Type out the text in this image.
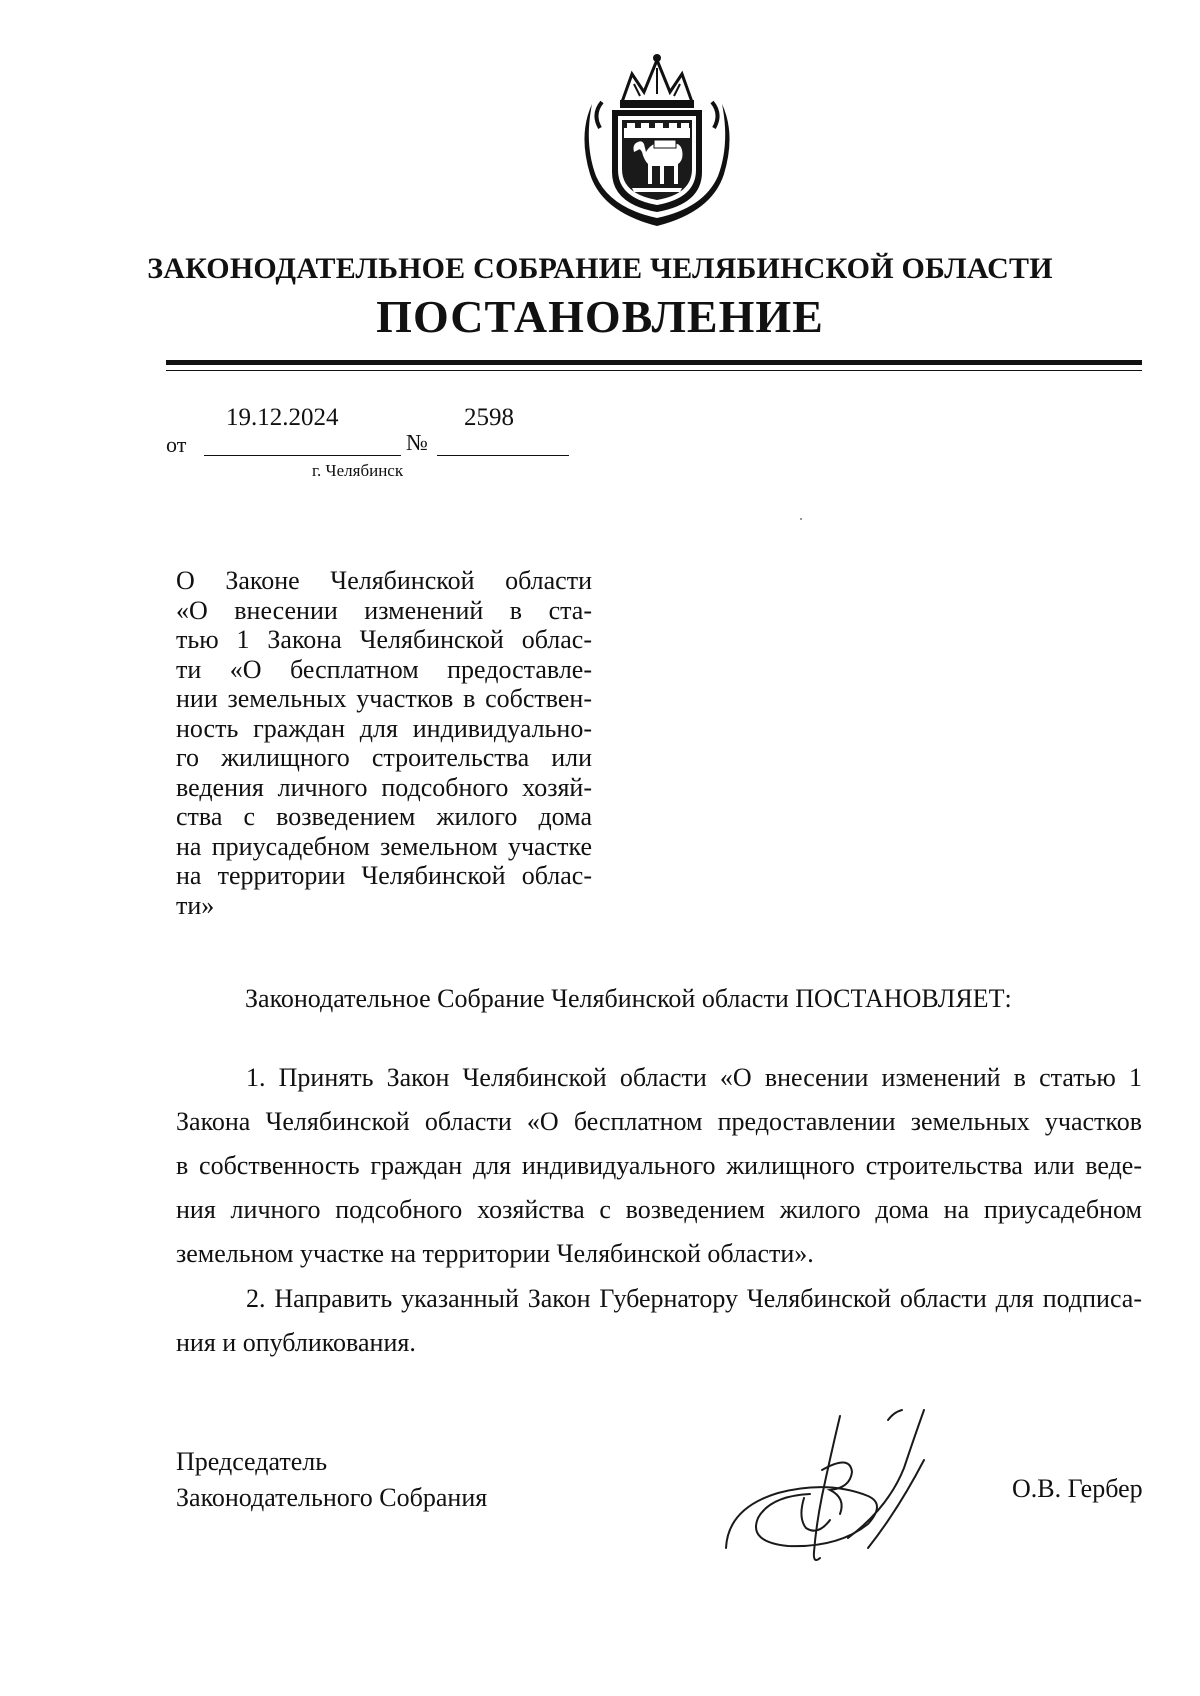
ЗАКОНОДАТЕЛЬНОЕ СОБРАНИЕ ЧЕЛЯБИНСКОЙ ОБЛАСТИ
ПОСТАНОВЛЕНИЕ
от
19.12.2024
№
2598
г. Челябинск
О Законе Челябинской области
«О внесении изменений в ста-
тью 1 Закона Челябинской облас-
ти «О бесплатном предоставле-
нии земельных участков в собствен-
ность граждан для индивидуально-
го жилищного строительства или
ведения личного подсобного хозяй-
ства с возведением жилого дома
на приусадебном земельном участке
на территории Челябинской облас-
ти»
Законодательное Собрание Челябинской области ПОСТАНОВЛЯЕТ:
1. Принять Закон Челябинской области «О внесении изменений в статью 1
Закона Челябинской области «О бесплатном предоставлении земельных участков
в собственность граждан для индивидуального жилищного строительства или веде-
ния личного подсобного хозяйства с возведением жилого дома на приусадебном
земельном участке на территории Челябинской области».
2. Направить указанный Закон Губернатору Челябинской области для подписа-
ния и опубликования.
Председатель
Законодательного Собрания	О.В. Гербер
